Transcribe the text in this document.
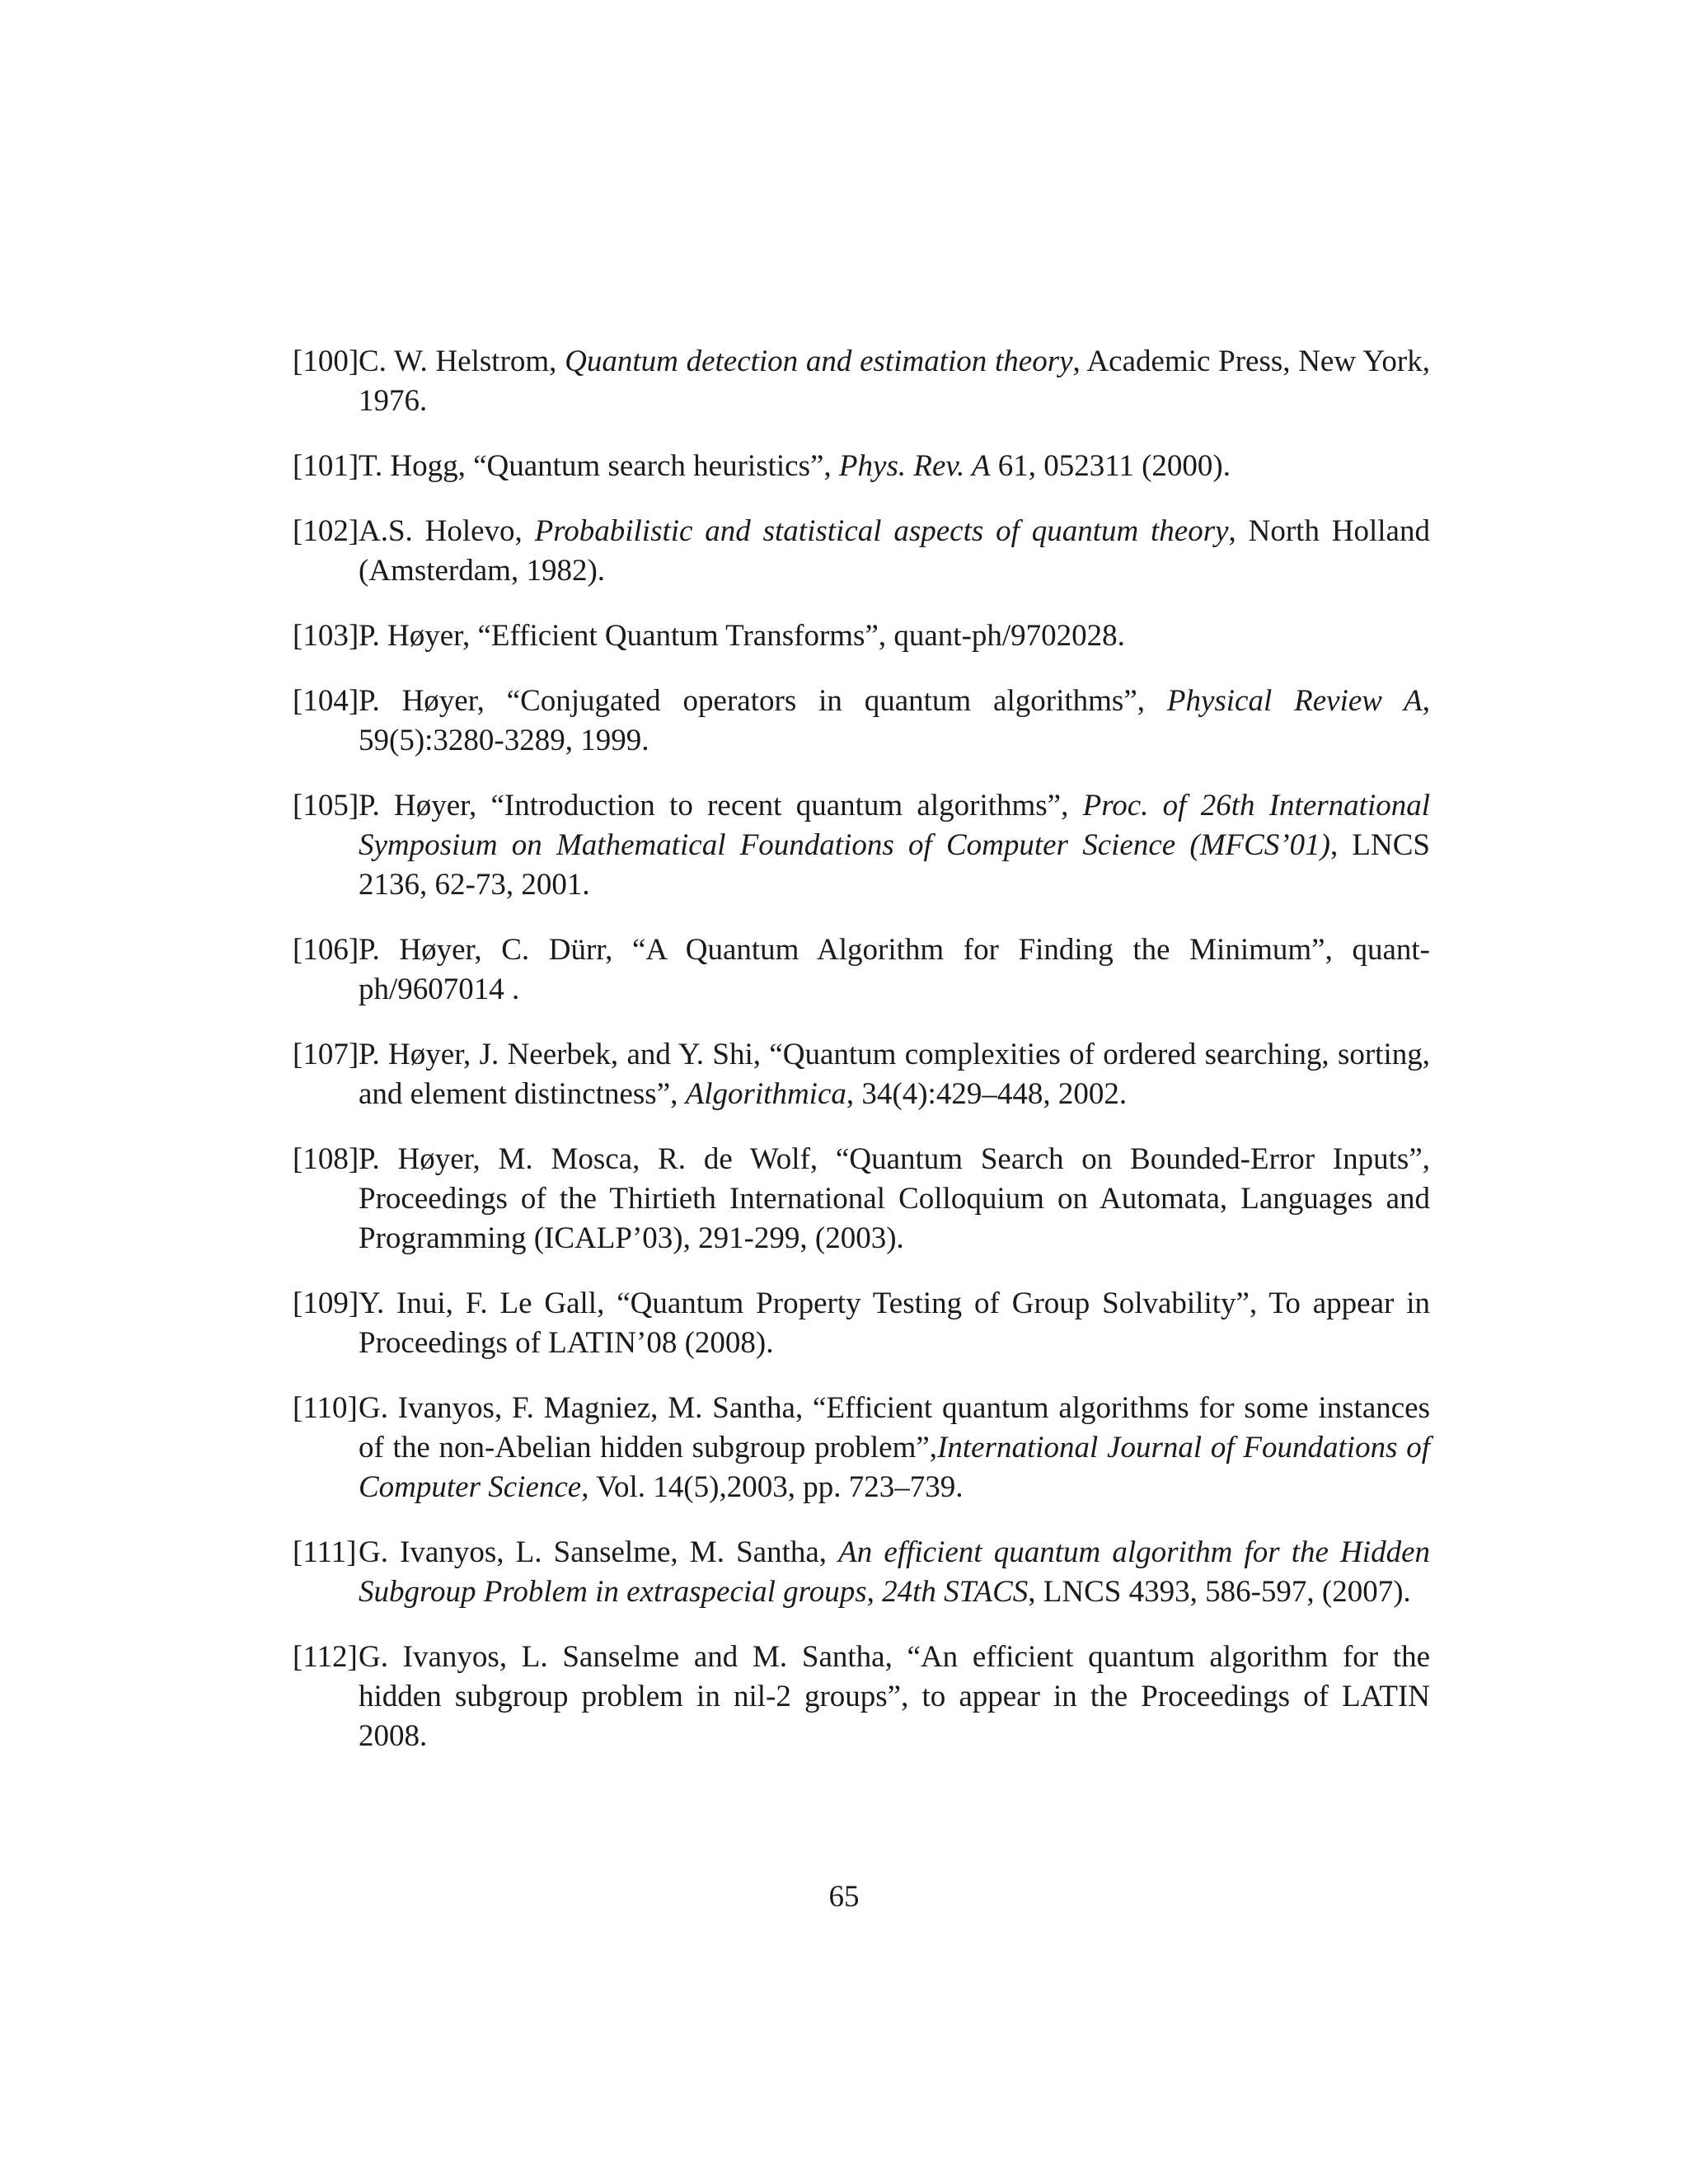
[100] C. W. Helstrom, Quantum detection and estimation theory, Academic Press, New York, 1976.
[101] T. Hogg, “Quantum search heuristics”, Phys. Rev. A 61, 052311 (2000).
[102] A.S. Holevo, Probabilistic and statistical aspects of quantum theory, North Holland (Amsterdam, 1982).
[103] P. Høyer, “Efficient Quantum Transforms”, quant-ph/9702028.
[104] P. Høyer, “Conjugated operators in quantum algorithms”, Physical Review A, 59(5):3280-3289, 1999.
[105] P. Høyer, “Introduction to recent quantum algorithms”, Proc. of 26th International Symposium on Mathematical Foundations of Computer Science (MFCS’01), LNCS 2136, 62-73, 2001.
[106] P. Høyer, C. Dürr, “A Quantum Algorithm for Finding the Minimum”, quant-ph/9607014 .
[107] P. Høyer, J. Neerbek, and Y. Shi, “Quantum complexities of ordered searching, sorting, and element distinctness”, Algorithmica, 34(4):429–448, 2002.
[108] P. Høyer, M. Mosca, R. de Wolf, “Quantum Search on Bounded-Error Inputs”, Proceedings of the Thirtieth International Colloquium on Automata, Languages and Programming (ICALP’03), 291-299, (2003).
[109] Y. Inui, F. Le Gall, “Quantum Property Testing of Group Solvability”, To appear in Proceedings of LATIN’08 (2008).
[110] G. Ivanyos, F. Magniez, M. Santha, “Efficient quantum algorithms for some instances of the non-Abelian hidden subgroup problem”,International Journal of Foundations of Computer Science, Vol. 14(5),2003, pp. 723–739.
[111] G. Ivanyos, L. Sanselme, M. Santha, An efficient quantum algorithm for the Hidden Subgroup Problem in extraspecial groups, 24th STACS, LNCS 4393, 586-597, (2007).
[112] G. Ivanyos, L. Sanselme and M. Santha, “An efficient quantum algorithm for the hidden subgroup problem in nil-2 groups”, to appear in the Proceedings of LATIN 2008.
65
